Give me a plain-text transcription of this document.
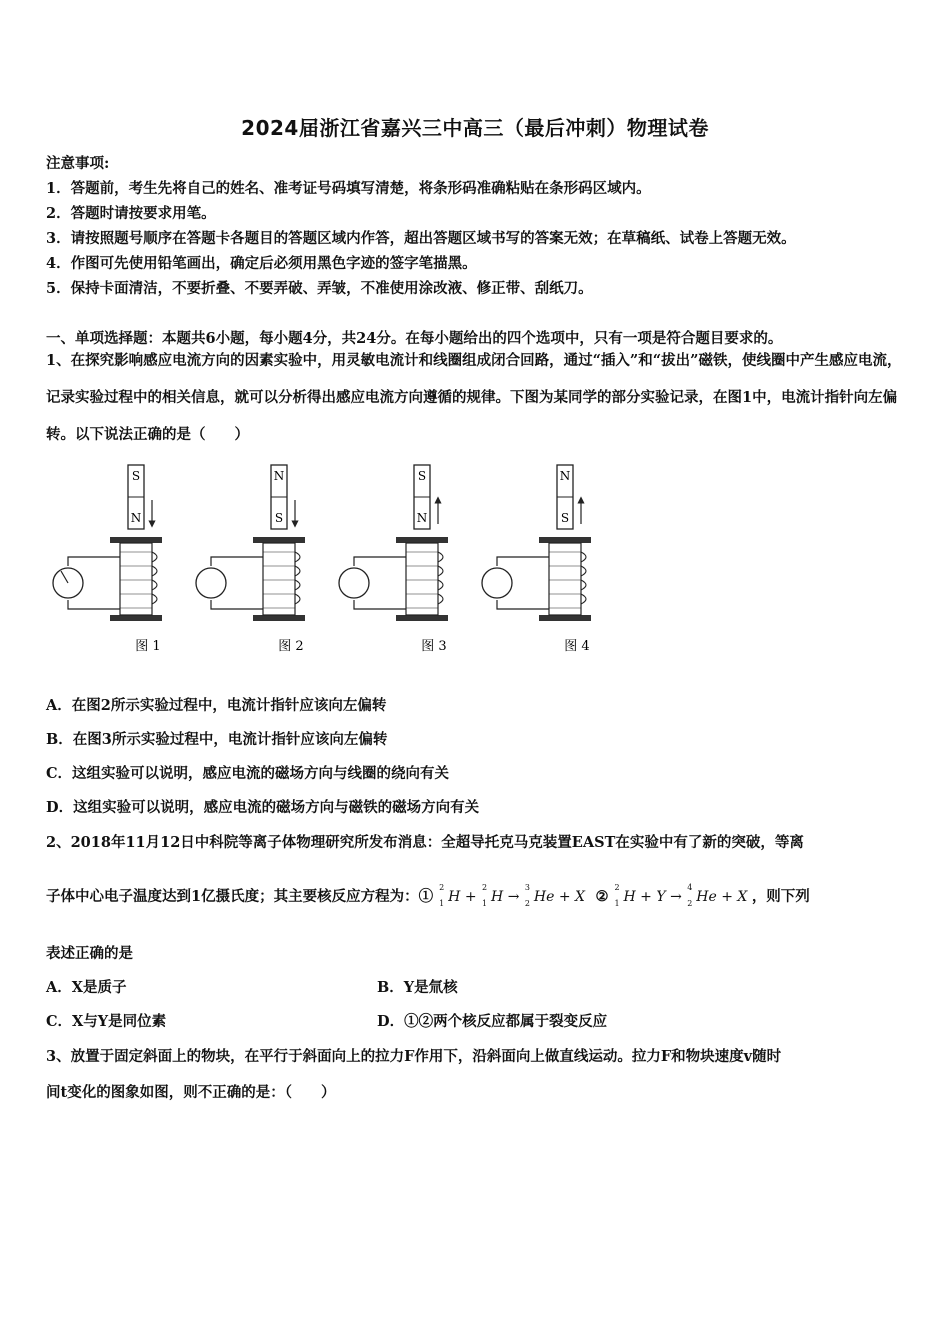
2024届浙江省嘉兴三中高三（最后冲刺）物理试卷
注意事项:
1．答题前，考生先将自己的姓名、准考证号码填写清楚，将条形码准确粘贴在条形码区域内。
2．答题时请按要求用笔。
3．请按照题号顺序在答题卡各题目的答题区域内作答，超出答题区域书写的答案无效；在草稿纸、试卷上答题无效。
4．作图可先使用铅笔画出，确定后必须用黑色字迹的签字笔描黑。
5．保持卡面清洁，不要折叠、不要弄破、弄皱，不准使用涂改液、修正带、刮纸刀。
一、单项选择题：本题共6小题，每小题4分，共24分。在每小题给出的四个选项中，只有一项是符合题目要求的。
1、在探究影响感应电流方向的因素实验中，用灵敏电流计和线圈组成闭合回路，通过“插入”和“拔出”磁铁，使线圈中产生感应电流，记录实验过程中的相关信息，就可以分析得出感应电流方向遵循的规律。下图为某同学的部分实验记录，在图1中，电流计指针向左偏转。以下说法正确的是（　　）
S
N
图 1
N
S
图 2
S
N
图 3
N
S
图 4
A．在图2所示实验过程中，电流计指针应该向左偏转
B．在图3所示实验过程中，电流计指针应该向左偏转
C．这组实验可以说明，感应电流的磁场方向与线圈的绕向有关
D．这组实验可以说明，感应电流的磁场方向与磁铁的磁场方向有关
2、2018年11月12日中科院等离子体物理研究所发布消息：全超导托克马克装置EAST在实验中有了新的突破，等离
子体中心电子温度达到1亿摄氏度；其主要核反应方程为：①
2
1 H +
2
1 H →
3
2 He + X ②
2
1 H + Y →
4
2 He + X ，则下列
表述正确的是
A．X是质子	B．Y是氚核
C．X与Y是同位素	D．①②两个核反应都属于裂变反应
3、放置于固定斜面上的物块，在平行于斜面向上的拉力F作用下，沿斜面向上做直线运动。拉力F和物块速度v随时
间t变化的图象如图，则不正确的是：（　　）
